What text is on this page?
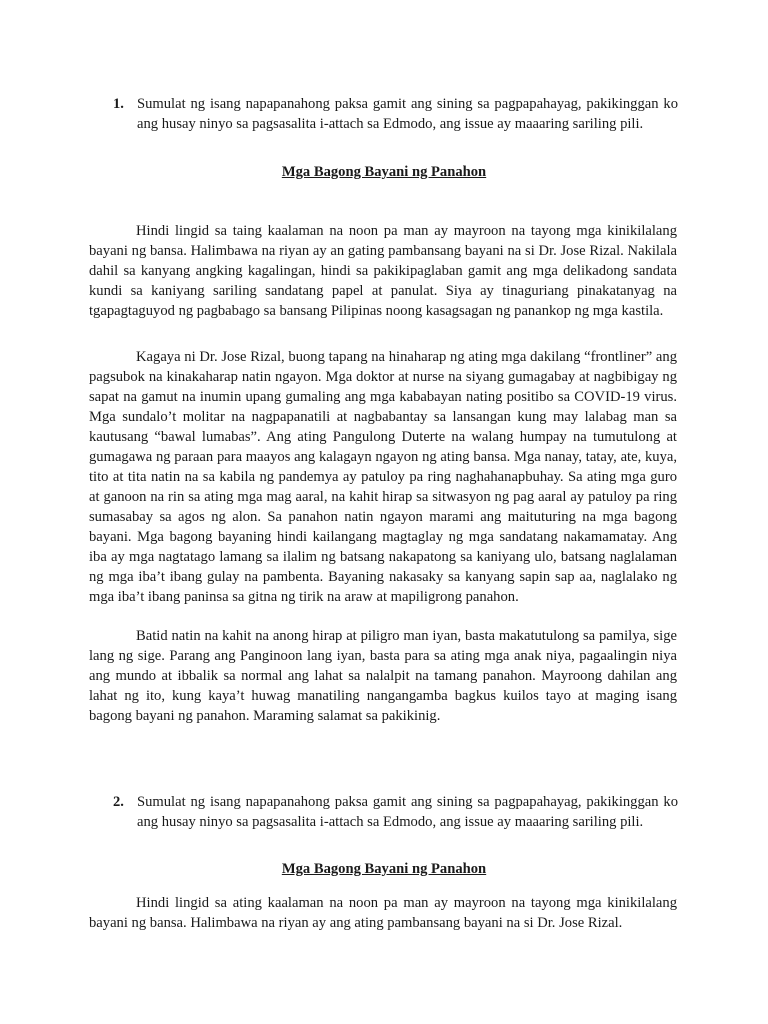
1. Sumulat ng isang napapanahong paksa gamit ang sining sa pagpapahayag, pakikinggan ko ang husay ninyo sa pagsasalita i-attach sa Edmodo, ang issue ay maaaring sariling pili.
Mga Bagong Bayani ng Panahon

Hindi lingid sa taing kaalaman na noon pa man ay mayroon na tayong mga kinikilalang bayani ng bansa. Halimbawa na riyan ay an gating pambansang bayani na si Dr. Jose Rizal. Nakilala dahil sa kanyang angking kagalingan, hindi sa pakikipaglaban gamit ang mga delikadong sandata kundi sa kaniyang sariling sandatang papel at panulat. Siya ay tinaguriang pinakatanyag na tgapagtaguyod ng pagbabago sa bansang Pilipinas noong kasagsagan ng panankop ng mga kastila.

Kagaya ni Dr. Jose Rizal, buong tapang na hinaharap ng ating mga dakilang “frontliner” ang pagsubok na kinakaharap natin ngayon. Mga doktor at nurse na siyang gumagabay at nagbibigay ng sapat na gamut na inumin upang gumaling ang mga kababayan nating positibo sa COVID-19 virus. Mga sundalo’t molitar na nagpapanatili at nagbabantay sa lansangan kung may lalabag man sa kautusang “bawal lumabas”. Ang ating Pangulong Duterte na walang humpay na tumutulong at gumagawa ng paraan para maayos ang kalagayn ngayon ng ating bansa. Mga nanay, tatay, ate, kuya, tito at tita natin na sa kabila ng pandemya ay patuloy pa ring naghahanapbuhay. Sa ating mga guro at ganoon na rin sa ating mga mag aaral, na kahit hirap sa sitwasyon ng pag aaral ay patuloy pa ring sumasabay sa agos ng alon. Sa panahon natin ngayon marami ang maituturing na mga bagong bayani. Mga bagong bayaning hindi kailangang magtaglay ng mga sandatang nakamamatay. Ang iba ay mga nagtatago lamang sa ilalim ng batsang nakapatong sa kaniyang ulo, batsang naglalaman ng mga iba’t ibang gulay na pambenta. Bayaning nakasaky sa kanyang sapin sap aa, naglalako ng mga iba’t ibang paninsa sa gitna ng tirik na araw at mapiligrong panahon.

Batid natin na kahit na anong hirap at piligro man iyan, basta makatutulong sa pamilya, sige lang ng sige. Parang ang Panginoon lang iyan, basta para sa ating mga anak niya, pagaalingin niya ang mundo at ibbalik sa normal ang lahat sa nalalpit na tamang panahon. Mayroong dahilan ang lahat ng ito, kung kaya’t huwag manatiling nangangamba bagkus kuilos tayo at maging isang bagong bayani ng panahon. Maraming salamat sa pakikinig.

2. Sumulat ng isang napapanahong paksa gamit ang sining sa pagpapahayag, pakikinggan ko ang husay ninyo sa pagsasalita i-attach sa Edmodo, ang issue ay maaaring sariling pili.
Mga Bagong Bayani ng Panahon

Hindi lingid sa ating kaalaman na noon pa man ay mayroon na tayong mga kinikilalang bayani ng bansa. Halimbawa na riyan ay ang ating pambansang bayani na si Dr. Jose Rizal.
